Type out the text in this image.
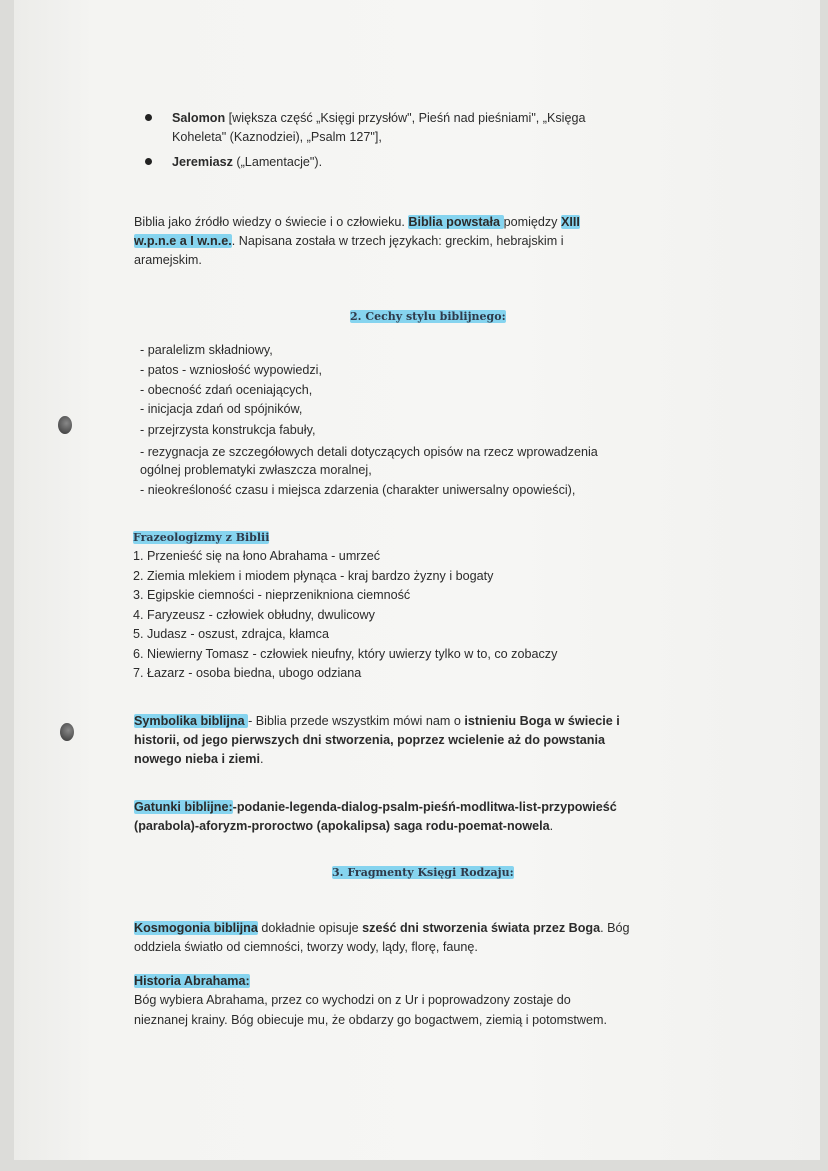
2. Cechy stylu biblijnego:
Frazeologizmy z Biblii
3. Fragmenty Księgi Rodzaju:
Salomon [większa część „Księgi przysłów", Pieśń nad pieśniami", „Księga
Koheleta" (Kaznodziei), „Psalm 127"],
Jeremiasz („Lamentacje").
Biblia jako źródło wiedzy o świecie i o człowieku. Biblia powstała pomiędzy XIII
w.p.n.e a I w.n.e.. Napisana została w trzech językach: greckim, hebrajskim i
aramejskim.
- paralelizm składniowy,
- patos - wzniosłość wypowiedzi,
- obecność zdań oceniających,
- inicjacja zdań od spójników,
- przejrzysta konstrukcja fabuły,
- rezygnacja ze szczegółowych detali dotyczących opisów na rzecz wprowadzenia
ogólnej problematyki zwłaszcza moralnej,
- nieokreśloność czasu i miejsca zdarzenia (charakter uniwersalny opowieści),
1. Przenieść się na łono Abrahama - umrzeć
2. Ziemia mlekiem i miodem płynąca - kraj bardzo żyzny i bogaty
3. Egipskie ciemności - nieprzenikniona ciemność
4. Faryzeusz - człowiek obłudny, dwulicowy
5. Judasz - oszust, zdrajca, kłamca
6. Niewierny Tomasz - człowiek nieufny, który uwierzy tylko w to, co zobaczy
7. Łazarz - osoba biedna, ubogo odziana
Symbolika biblijna - Biblia przede wszystkim mówi nam o istnieniu Boga w świecie i
historii, od jego pierwszych dni stworzenia, poprzez wcielenie aż do powstania
nowego nieba i ziemi.
Gatunki biblijne:-podanie-legenda-dialog-psalm-pieśń-modlitwa-list-przypowieść
(parabola)-aforyzm-proroctwo (apokalipsa) saga rodu-poemat-nowela.
Kosmogonia biblijna dokładnie opisuje sześć dni stworzenia świata przez Boga. Bóg
oddziela światło od ciemności, tworzy wody, lądy, florę, faunę.
Historia Abrahama:
Bóg wybiera Abrahama, przez co wychodzi on z Ur i poprowadzony zostaje do
nieznanej krainy. Bóg obiecuje mu, że obdarzy go bogactwem, ziemią i potomstwem.
